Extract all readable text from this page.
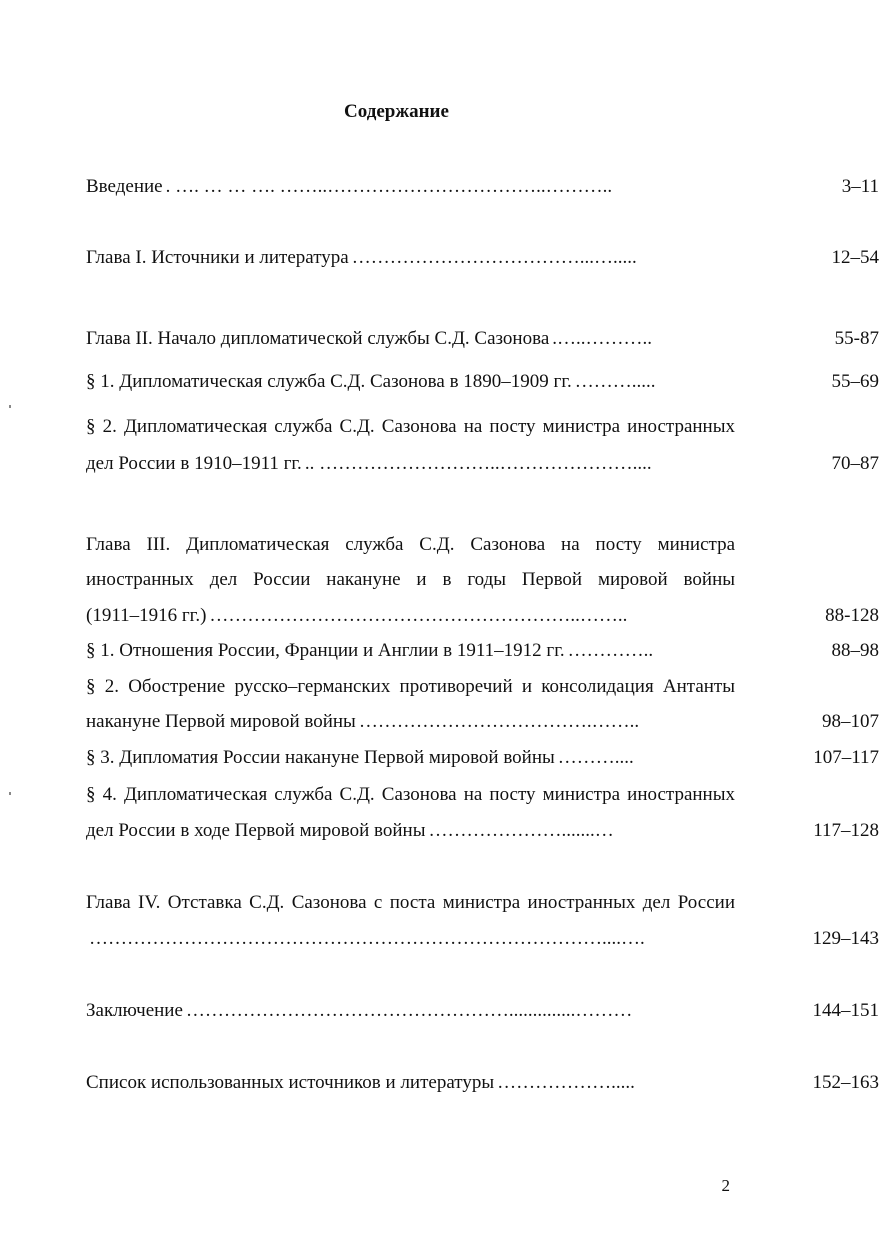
Содержание
Введение . …. … … …. ……..……………………………..………..	3–11
Глава I. Источники и литература ………………………………...….....	12–54
Глава II. Начало дипломатической службы С.Д. Сазонова .…..………..	55-87
§ 1. Дипломатическая служба С.Д. Сазонова в 1890–1909 гг. ……….....	55–69
§ 2. Дипломатическая служба С.Д. Сазонова на посту министра иностранных
дел России в 1910–1911 гг. .. ………………………..…………………....	70–87
Глава III. Дипломатическая служба С.Д. Сазонова на посту министра
иностранных дел России накануне и в годы Первой мировой войны
(1911–1916 гг.) …………………………………………………..……..	88-128
§ 1. Отношения России, Франции и Англии в 1911–1912 гг. …………..	88–98
§ 2. Обострение русско–германских противоречий и консолидация Антанты
накануне Первой мировой войны ……………………………….……..	98–107
§ 3. Дипломатия России накануне Первой мировой войны ………....	107–117
§ 4. Дипломатическая служба С.Д. Сазонова на посту министра иностранных
дел России в ходе Первой мировой войны ………………….......…	117–128
Глава IV. Отставка С.Д. Сазонова с поста министра иностранных дел России
………………………………………………………………………....….	129–143
Заключение ……………………………………………..............………	144–151
Список использованных источников и литературы ……………….....	152–163
2
